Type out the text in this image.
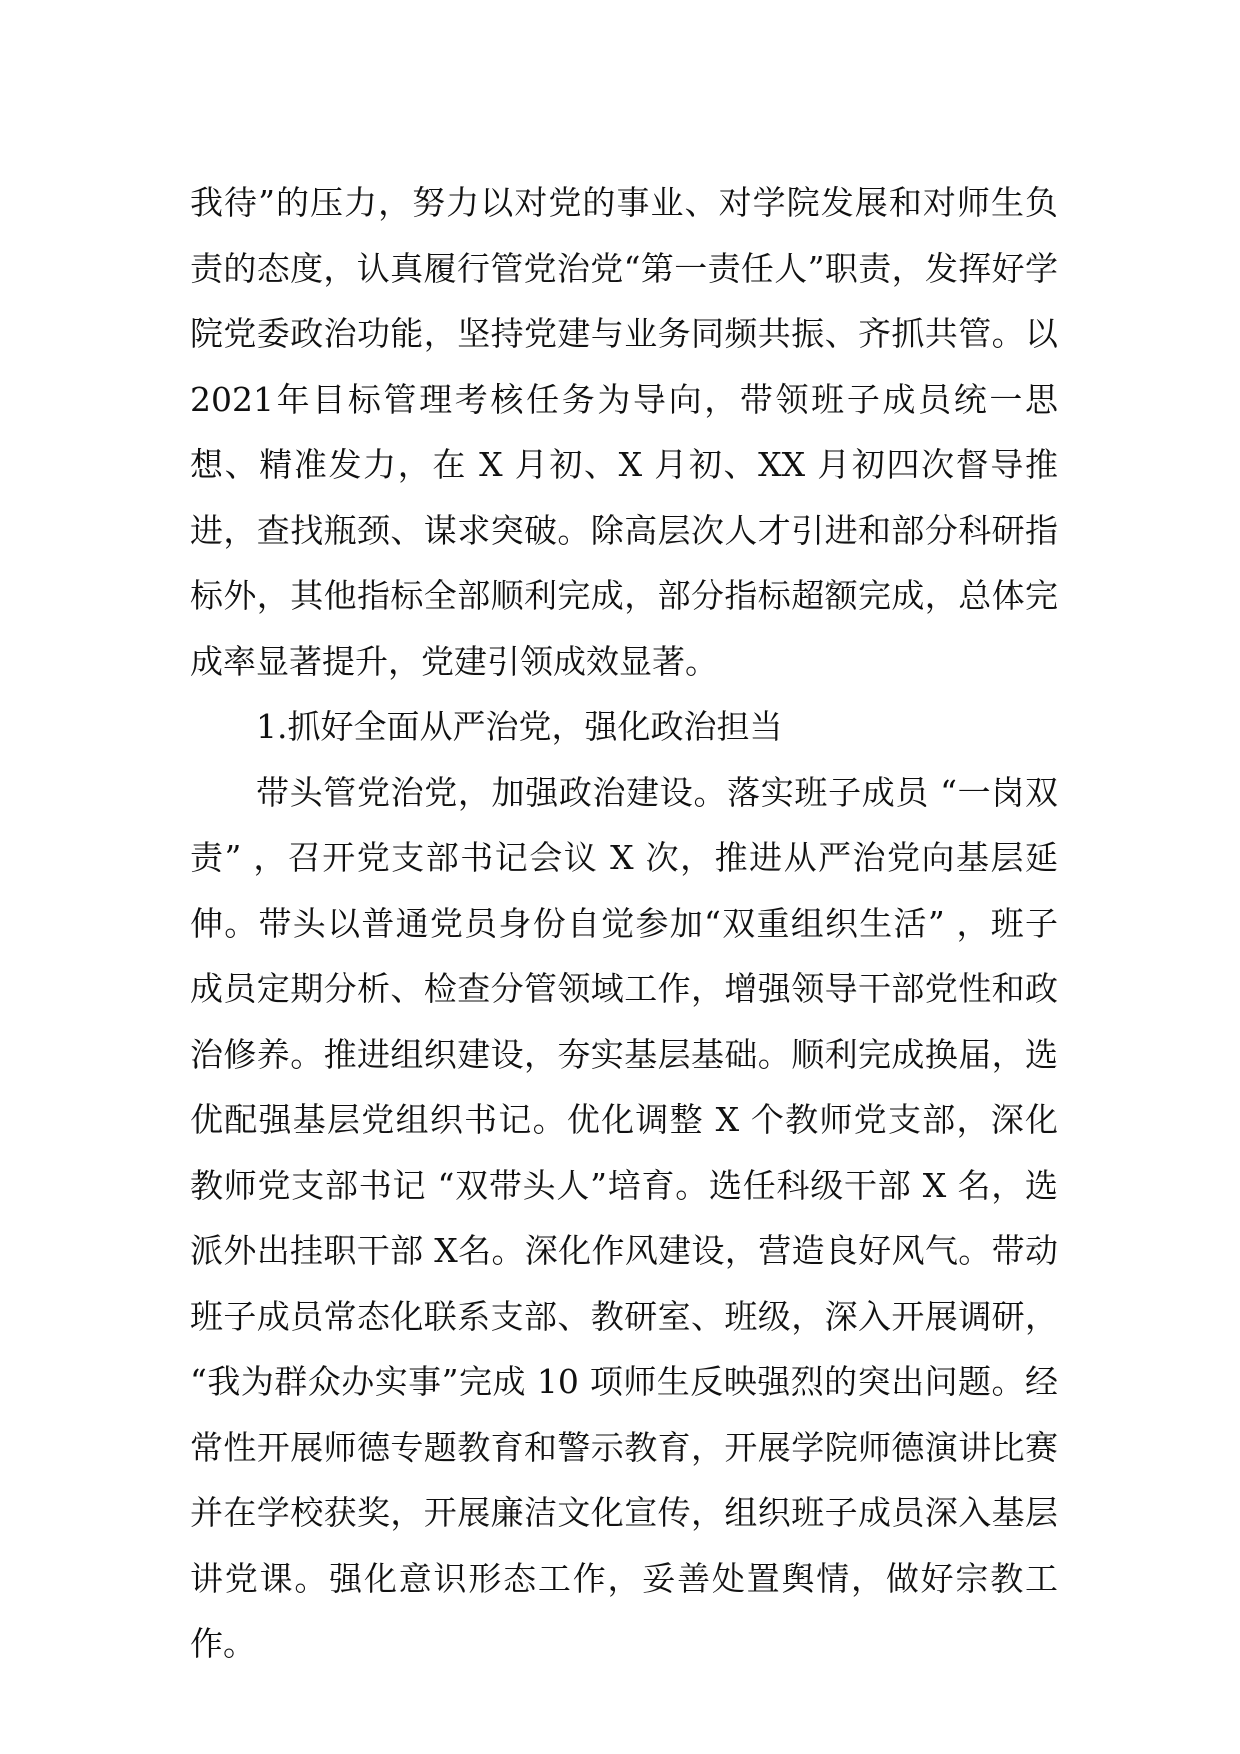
我待”的压力，努力以对党的事业、对学院发展和对师生负责的态度，认真履行管党治党“第一责任人”职责，发挥好学院党委政治功能，坚持党建与业务同频共振、齐抓共管。以 2021年目标管理考核任务为导向，带领班子成员统一思想、精准发力，在 X 月初、X 月初、XX 月初四次督导推进，查找瓶颈、谋求突破。除高层次人才引进和部分科研指标外，其他指标全部顺利完成，部分指标超额完成，总体完成率显著提升，党建引领成效显著。

1.抓好全面从严治党，强化政治担当

带头管党治党，加强政治建设。落实班子成员 “一岗双责” ，召开党支部书记会议 X 次，推进从严治党向基层延伸。带头以普通党员身份自觉参加“双重组织生活” ，班子成员定期分析、检查分管领域工作，增强领导干部党性和政治修养。推进组织建设，夯实基层基础。顺利完成换届，选优配强基层党组织书记。优化调整 X 个教师党支部，深化教师党支部书记 “双带头人”培育。选任科级干部 X 名，选派外出挂职干部 X名。深化作风建设，营造良好风气。带动班子成员常态化联系支部、教研室、班级，深入开展调研， “我为群众办实事”完成 10 项师生反映强烈的突出问题。经常性开展师德专题教育和警示教育，开展学院师德演讲比赛并在学校获奖，开展廉洁文化宣传，组织班子成员深入基层讲党课。强化意识形态工作，妥善处置舆情，做好宗教工作。
